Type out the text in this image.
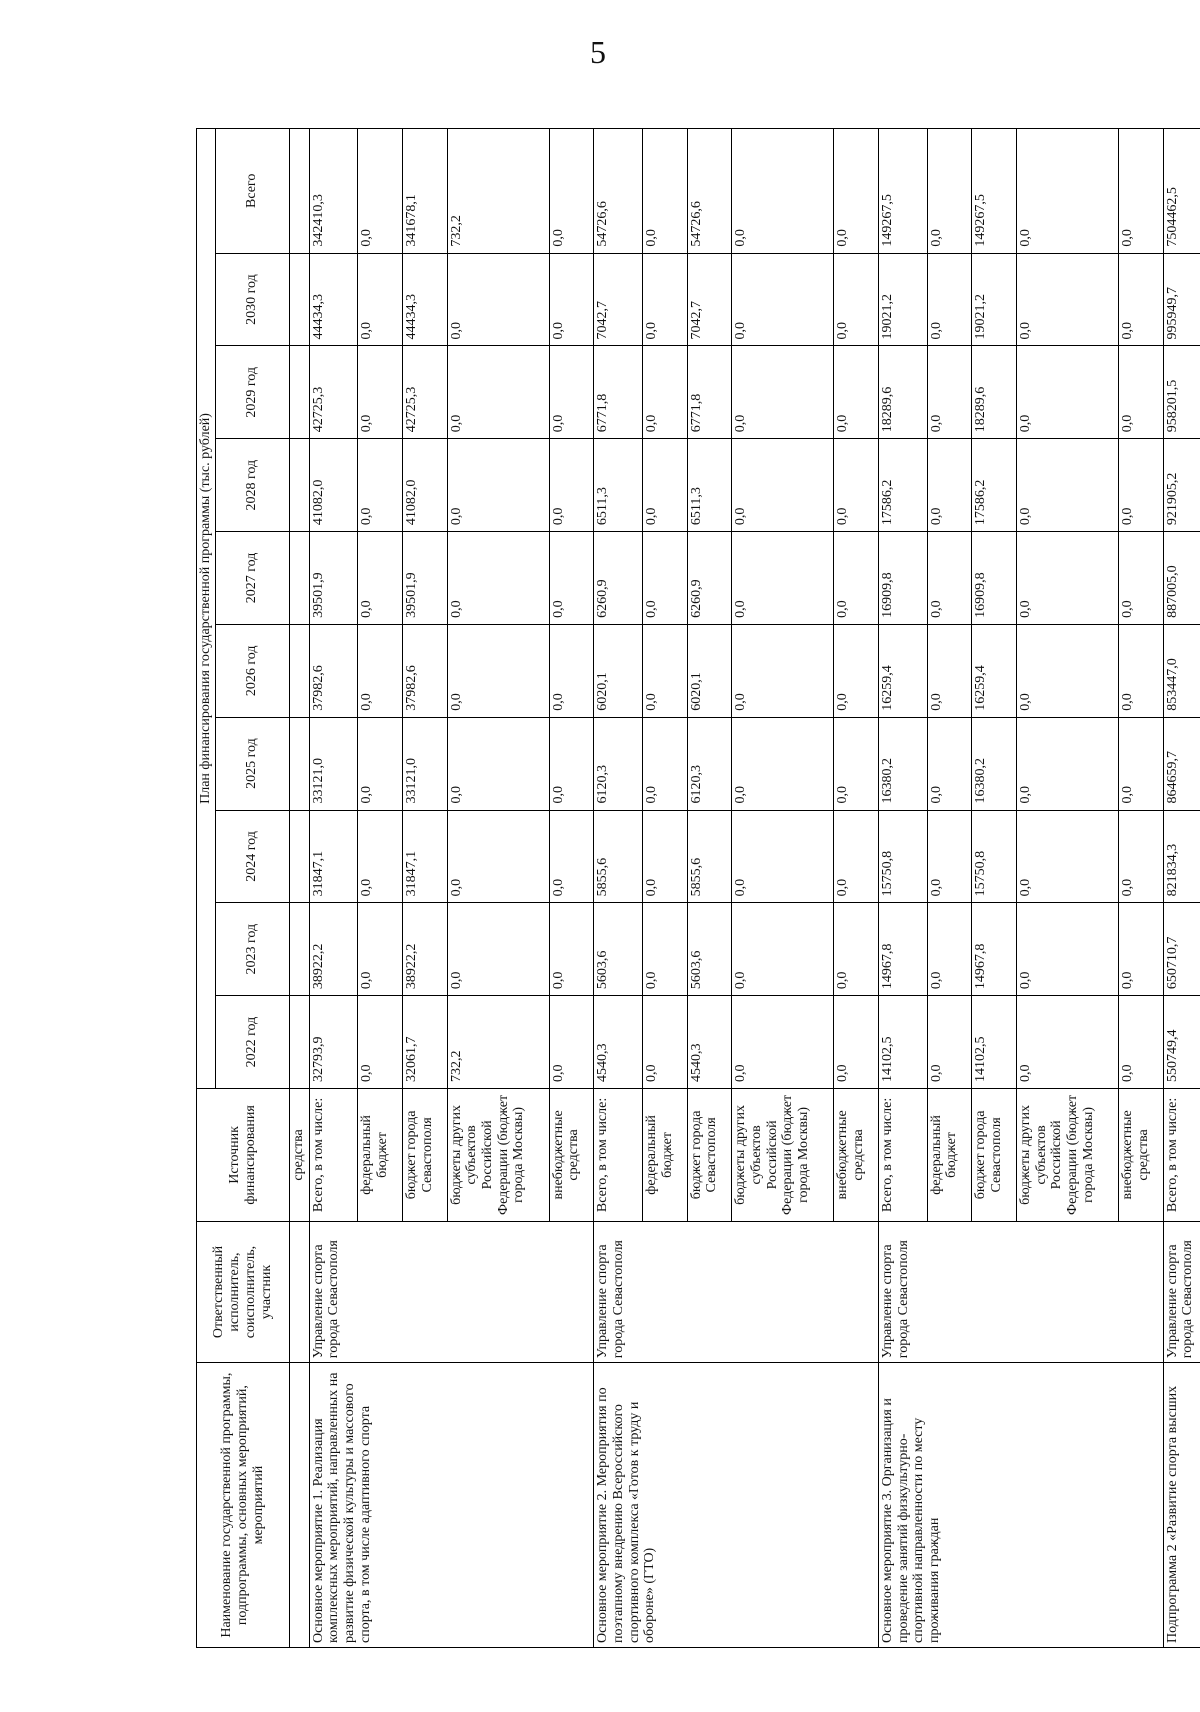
5
Наименование государственной программы, подпрограммы, основных мероприятий, мероприятий	Ответственный исполнитель, соисполнитель, участник	Источник финансирования	План финансирования государственной программы (тыс. рублей)									
			2022 год	2023 год	2024 год	2025 год	2026 год	2027 год	2028 год	2029 год	2030 год	Всего
		средства										
Основное мероприятие 1. Реализация комплексных мероприятий, направленных на развитие физической культуры и массового спорта, в том числе адаптивного спорта	Управление спорта города Севастополя	Всего, в том числе:	32793,9	38922,2	31847,1	33121,0	37982,6	39501,9	41082,0	42725,3	44434,3	342410,3
		федеральный бюджет	0,0	0,0	0,0	0,0	0,0	0,0	0,0	0,0	0,0	0,0
		бюджет города Севастополя	32061,7	38922,2	31847,1	33121,0	37982,6	39501,9	41082,0	42725,3	44434,3	341678,1
		бюджеты других субъектов Российской Федерации (бюджет города Москвы)	732,2	0,0	0,0	0,0	0,0	0,0	0,0	0,0	0,0	732,2
		внебюджетные средства	0,0	0,0	0,0	0,0	0,0	0,0	0,0	0,0	0,0	0,0
Основное мероприятие 2. Мероприятия по поэтапному внедрению Всероссийского спортивного комплекса «Готов к труду и обороне» (ГТО)	Управление спорта города Севастополя	Всего, в том числе:	4540,3	5603,6	5855,6	6120,3	6020,1	6260,9	6511,3	6771,8	7042,7	54726,6
		федеральный бюджет	0,0	0,0	0,0	0,0	0,0	0,0	0,0	0,0	0,0	0,0
		бюджет города Севастополя	4540,3	5603,6	5855,6	6120,3	6020,1	6260,9	6511,3	6771,8	7042,7	54726,6
		бюджеты других субъектов Российской Федерации (бюджет города Москвы)	0,0	0,0	0,0	0,0	0,0	0,0	0,0	0,0	0,0	0,0
		внебюджетные средства	0,0	0,0	0,0	0,0	0,0	0,0	0,0	0,0	0,0	0,0
Основное мероприятие 3. Организация и проведение занятий физкультурно-спортивной направленности по месту проживания граждан	Управление спорта города Севастополя	Всего, в том числе:	14102,5	14967,8	15750,8	16380,2	16259,4	16909,8	17586,2	18289,6	19021,2	149267,5
		федеральный бюджет	0,0	0,0	0,0	0,0	0,0	0,0	0,0	0,0	0,0	0,0
		бюджет города Севастополя	14102,5	14967,8	15750,8	16380,2	16259,4	16909,8	17586,2	18289,6	19021,2	149267,5
		бюджеты других субъектов Российской Федерации (бюджет города Москвы)	0,0	0,0	0,0	0,0	0,0	0,0	0,0	0,0	0,0	0,0
		внебюджетные средства	0,0	0,0	0,0	0,0	0,0	0,0	0,0	0,0	0,0	0,0
Подпрограмма 2 «Развитие спорта высших	Управление спорта города Севастополя	Всего, в том числе:	550749,4	650710,7	821834,3	864659,7	853447,0	887005,0	921905,2	958201,5	995949,7	7504462,5
